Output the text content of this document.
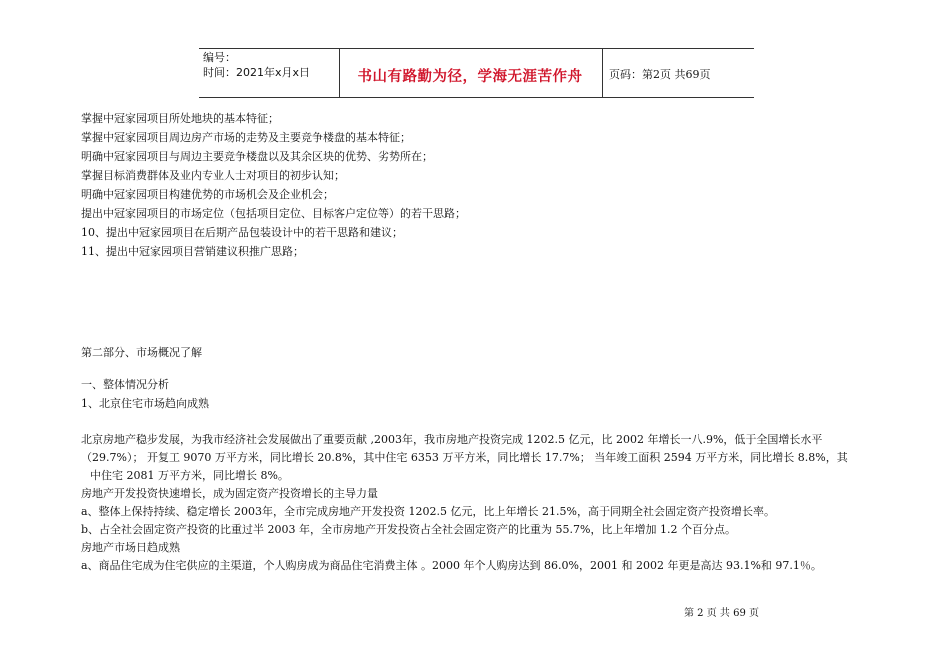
编号：
时间：2021年x月x日	书山有路勤为径，学海无涯苦作舟	页码：第2页 共69页
掌握中冠家园项目所处地块的基本特征；
掌握中冠家园项目周边房产市场的走势及主要竞争楼盘的基本特征；
明确中冠家园项目与周边主要竞争楼盘以及其余区块的优势、劣势所在；
掌握目标消费群体及业内专业人士对项目的初步认知；
明确中冠家园项目构建优势的市场机会及企业机会；
提出中冠家园项目的市场定位（包括项目定位、目标客户定位等）的若干思路；
10、提出中冠家园项目在后期产品包装设计中的若干思路和建议；
11、提出中冠家园项目营销建议积推广思路；
第二部分、市场概况了解
一、整体情况分析
1、北京住宅市场趋向成熟
北京房地产稳步发展，为我市经济社会发展做出了重要贡献 ,2003年，我市房地产投资完成 1202.5 亿元，比 2002 年增长一八.9%，低于全国增长水平
（29.7%）； 开复工 9070 万平方米，同比增长 20.8%，其中住宅 6353 万平方米，同比增长 17.7%； 当年竣工面积 2594 万平方米，同比增长 8.8%，其
中住宅 2081 万平方米，同比增长 8%。
房地产开发投资快速增长，成为固定资产投资增长的主导力量
a、整体上保持持续、稳定增长 2003年，全市完成房地产开发投资 1202.5 亿元，比上年增长 21.5%，高于同期全社会固定资产投资增长率。
b、占全社会固定资产投资的比重过半 2003 年，全市房地产开发投资占全社会固定资产的比重为 55.7%，比上年增加 1.2 个百分点。
房地产市场日趋成熟
a、商品住宅成为住宅供应的主渠道，个人购房成为商品住宅消费主体 。2000 年个人购房达到 86.0%，2001 和 2002 年更是高达 93.1%和 97.1％。
第 2 页 共 69 页
